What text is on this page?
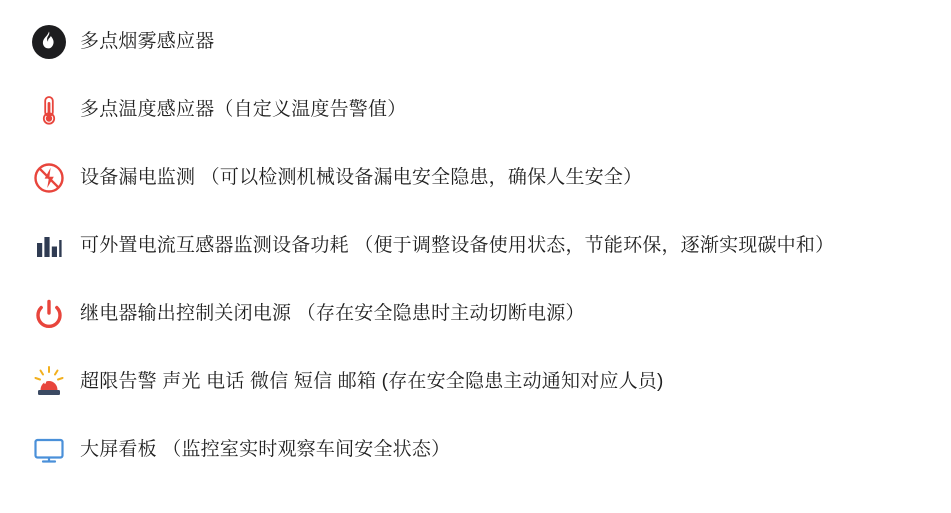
多点烟雾感应器
多点温度感应器（自定义温度告警值）
设备漏电监测 （可以检测机械设备漏电安全隐患，确保人生安全）
可外置电流互感器监测设备功耗 （便于调整设备使用状态，节能环保，逐渐实现碳中和）
继电器输出控制关闭电源 （存在安全隐患时主动切断电源）
超限告警 声光 电话 微信 短信 邮箱 (存在安全隐患主动通知对应人员)
大屏看板 （监控室实时观察车间安全状态）
